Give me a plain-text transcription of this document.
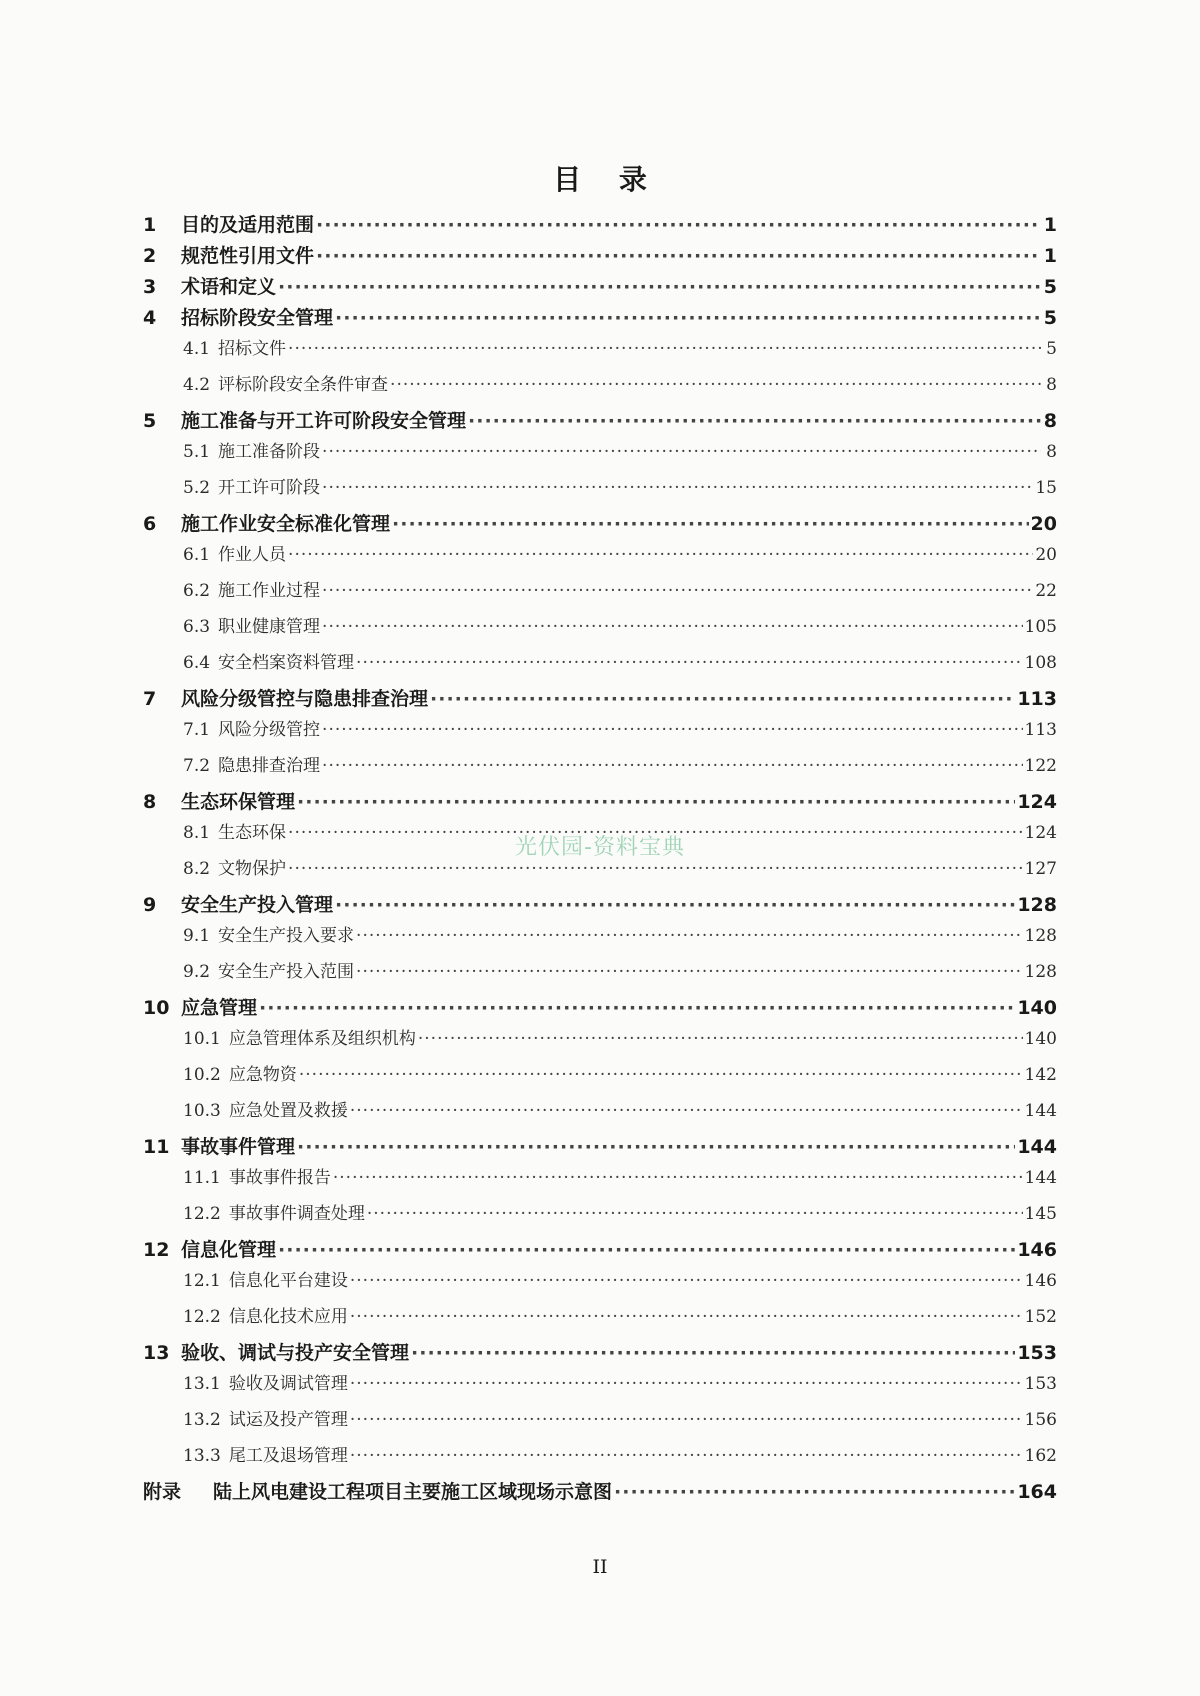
目 录
1	目的及适用范围 ·····	1
2	规范性引用文件 ·····	1
3	术语和定义 ·····	5
4	招标阶段安全管理 ·····	5
4.1 招标文件 ·····	5
4.2 评标阶段安全条件审查 ·····	8
5	施工准备与开工许可阶段安全管理 ·····	8
5.1 施工准备阶段 ·····	8
5.2 开工许可阶段 ·····	15
6	施工作业安全标准化管理 ·····	20
6.1 作业人员 ·····	20
6.2 施工作业过程 ·····	22
6.3 职业健康管理 ·····	105
6.4 安全档案资料管理 ·····	108
7	风险分级管控与隐患排查治理 ·····	113
7.1 风险分级管控 ·····	113
7.2 隐患排查治理 ·····	122
8	生态环保管理 ·····	124
8.1 生态环保 ·····	124
8.2 文物保护 ·····	127
9	安全生产投入管理 ·····	128
9.1 安全生产投入要求 ·····	128
9.2 安全生产投入范围 ·····	128
10 应急管理 ·····	140
10.1 应急管理体系及组织机构 ·····	140
10.2 应急物资 ·····	142
10.3 应急处置及救援 ·····	144
11 事故事件管理 ·····	144
11.1 事故事件报告 ·····	144
12.2 事故事件调查处理 ·····	145
12 信息化管理 ·····	146
12.1 信息化平台建设 ·····	146
12.2 信息化技术应用 ·····	152
13 验收、调试与投产安全管理 ·····	153
13.1 验收及调试管理 ·····	153
13.2 试运及投产管理 ·····	156
13.3 尾工及退场管理 ·····	162
附录	陆上风电建设工程项目主要施工区域现场示意图 ·····	164
光伏园-资料宝典
II
